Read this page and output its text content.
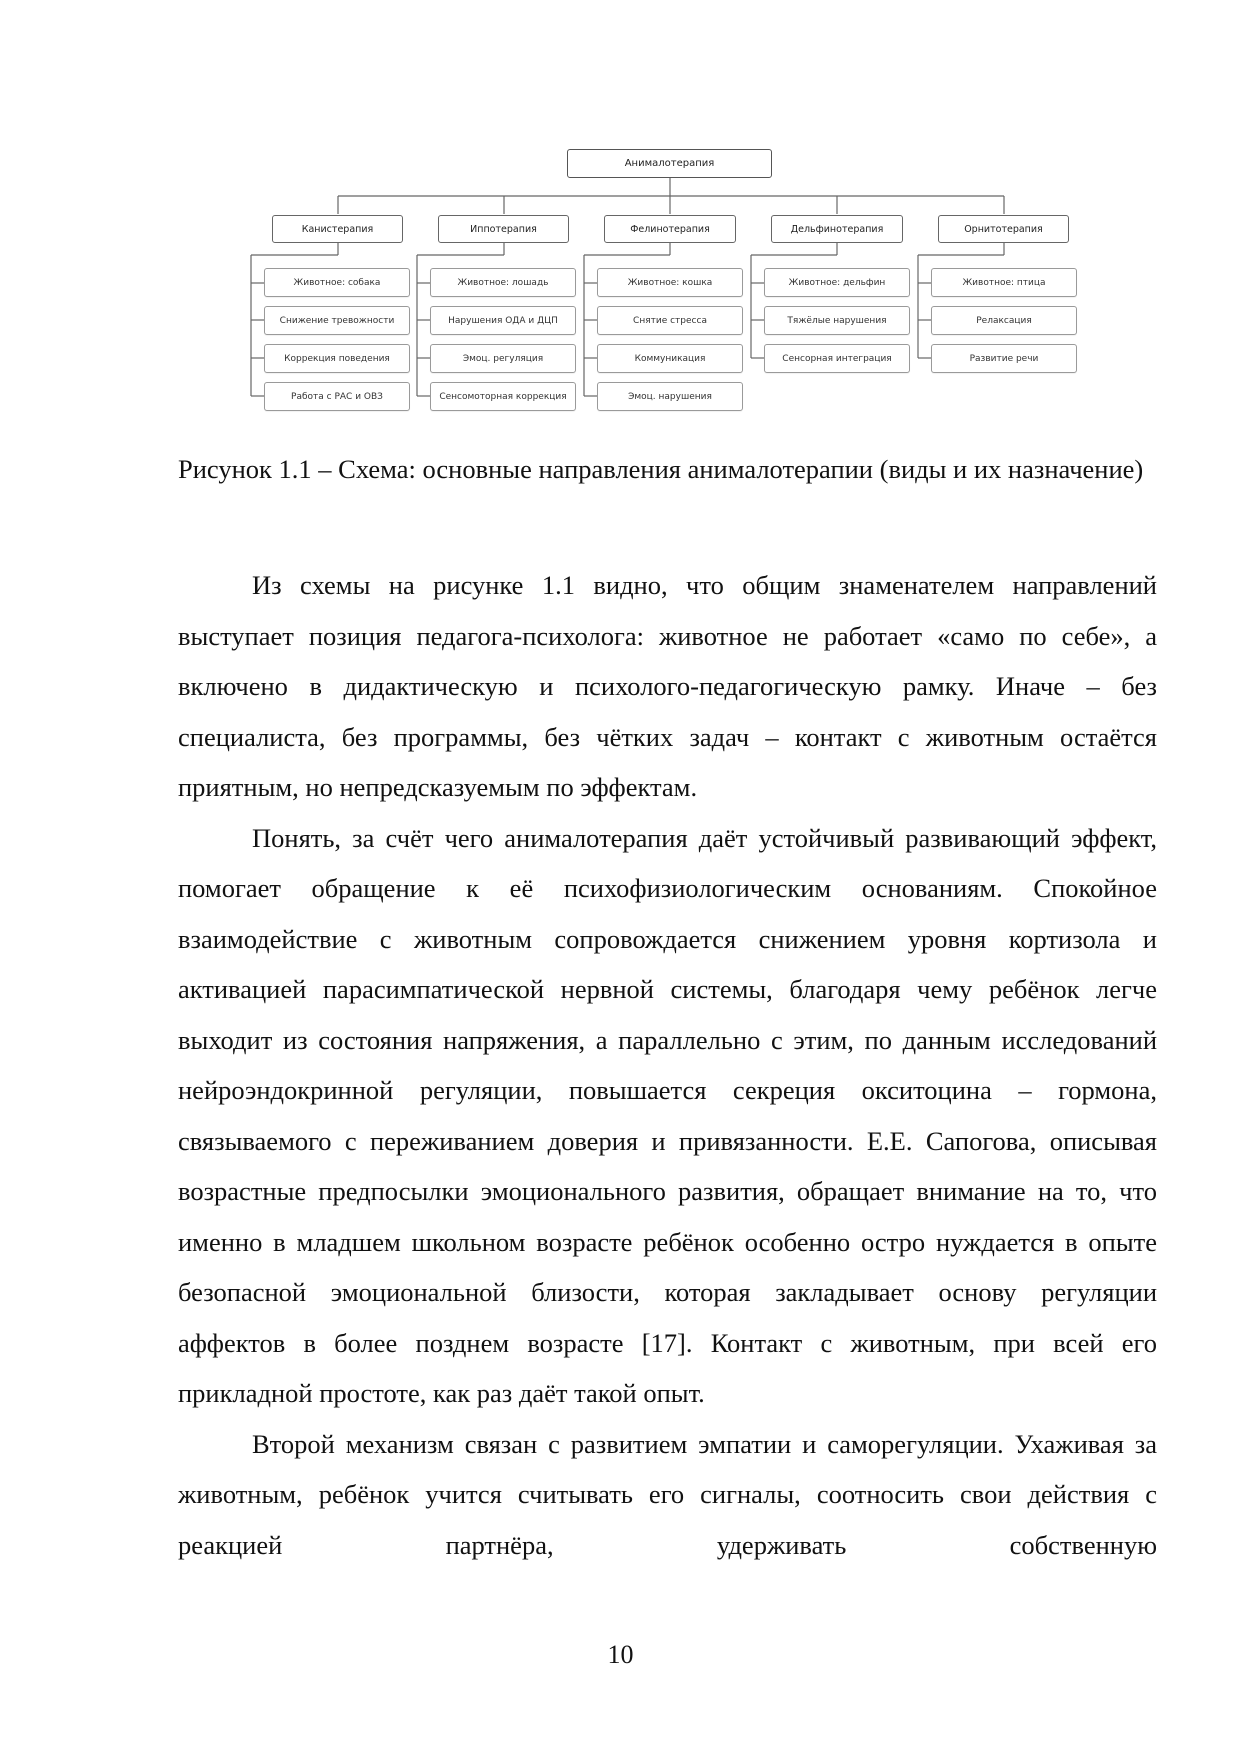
Анималотерапия
Канистерапия	Иппотерапия	Фелинотерапия	Дельфинотерапия	Орнитотерапия
Животное: собака
Снижение тревожности
Коррекция поведения
Работа с РАС и ОВЗ
Животное: лошадь
Нарушения ОДА и ДЦП
Эмоц. регуляция
Сенсомоторная коррекция
Животное: кошка
Снятие стресса
Коммуникация
Эмоц. нарушения
Животное: дельфин
Тяжёлые нарушения
Сенсорная интеграция
Животное: птица
Релаксация
Развитие речи
Рисунок 1.1 – Схема: основные направления анималотерапии (виды и их назначение)

Из схемы на рисунке 1.1 видно, что общим знаменателем направлений выступает позиция педагога-психолога: животное не работает «само по себе», а включено в дидактическую и психолого-педагогическую рамку. Иначе – без специалиста, без программы, без чётких задач – контакт с животным остаётся приятным, но непредсказуемым по эффектам.

Понять, за счёт чего анималотерапия даёт устойчивый развивающий эффект, помогает обращение к её психофизиологическим основаниям. Спокойное взаимодействие с животным сопровождается снижением уровня кортизола и активацией парасимпатической нервной системы, благодаря чему ребёнок легче выходит из состояния напряжения, а параллельно с этим, по данным исследований нейроэндокринной регуляции, повышается секреция окситоцина – гормона, связываемого с переживанием доверия и привязанности. Е.Е. Сапогова, описывая возрастные предпосылки эмоционального развития, обращает внимание на то, что именно в младшем школьном возрасте ребёнок особенно остро нуждается в опыте безопасной эмоциональной близости, которая закладывает основу регуляции аффектов в более позднем возрасте [17]. Контакт с животным, при всей его прикладной простоте, как раз даёт такой опыт.

Второй механизм связан с развитием эмпатии и саморегуляции. Ухаживая за животным, ребёнок учится считывать его сигналы, соотносить свои действия с реакцией партнёра, удерживать собственную

10
